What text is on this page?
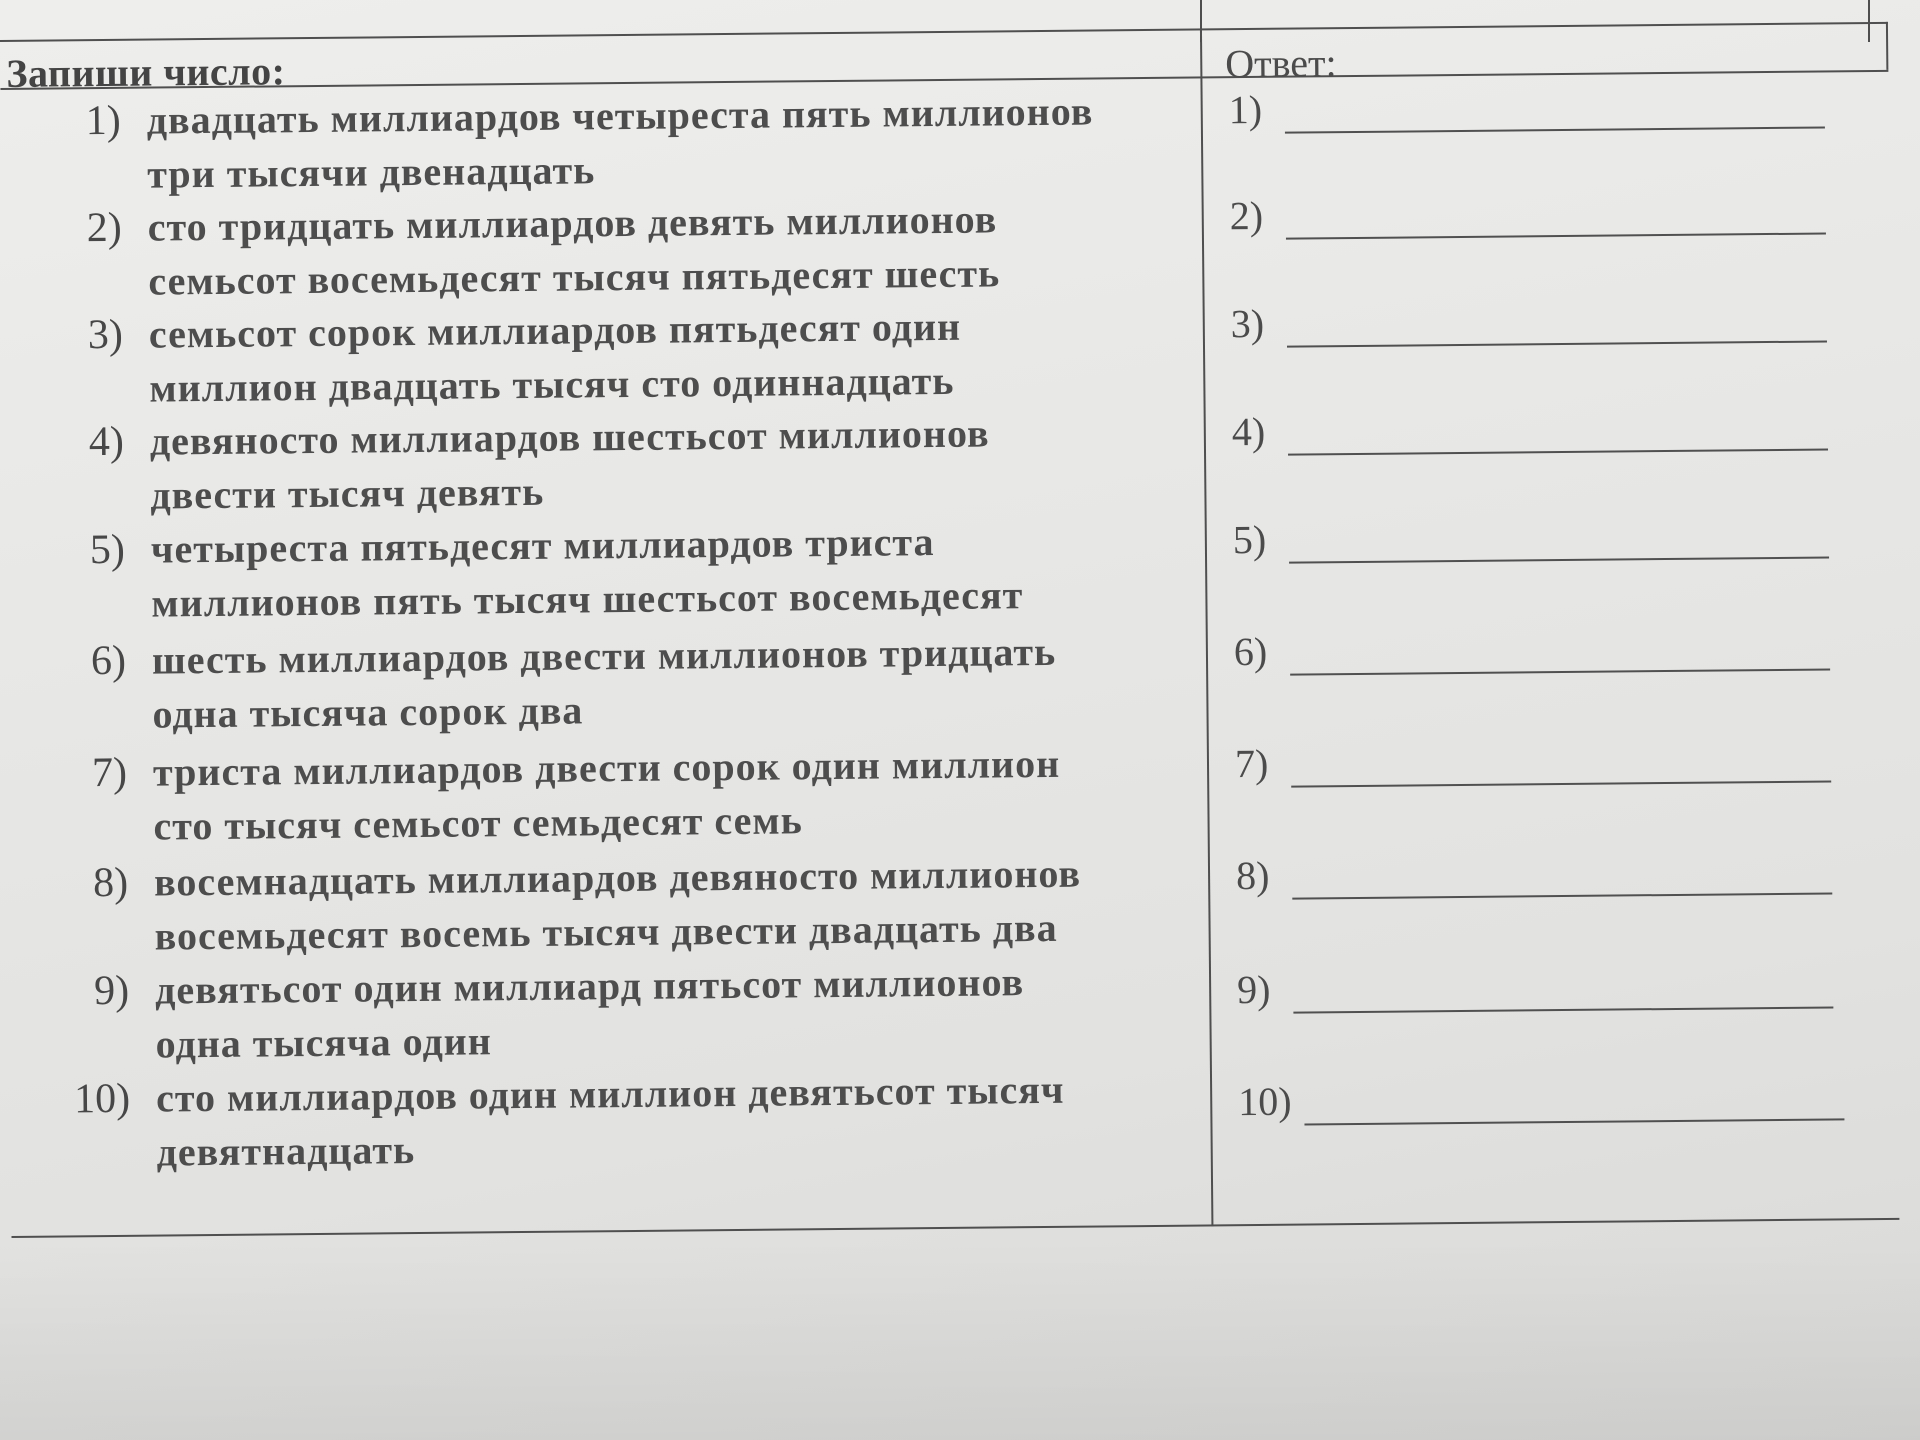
Запиши число:	Ответ:
1) двадцать миллиардов четыреста пять миллионов
три тысячи двенадцать
2) сто тридцать миллиардов девять миллионов
семьсот восемьдесят тысяч пятьдесят шесть
3) семьсот сорок миллиардов пятьдесят один
миллион двадцать тысяч сто одиннадцать
4) девяносто миллиардов шестьсот миллионов
двести тысяч девять
5) четыреста пятьдесят миллиардов триста
миллионов пять тысяч шестьсот восемьдесят
6) шесть миллиардов двести миллионов тридцать
одна тысяча сорок два
7) триста миллиардов двести сорок один миллион
сто тысяч семьсот семьдесят семь
8) восемнадцать миллиардов девяносто миллионов
восемьдесят восемь тысяч двести двадцать два
9) девятьсот один миллиард пятьсот миллионов
одна тысяча один
10) сто миллиардов один миллион девятьсот тысяч
девятнадцать
1)
2)
3)
4)
5)
6)
7)
8)
9)
10)
